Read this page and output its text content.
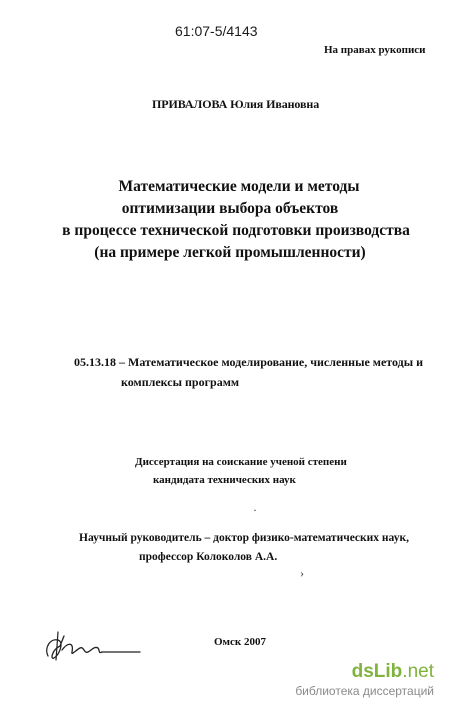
61:07-5/4143
На правах рукописи
ПРИВАЛОВА Юлия Ивановна
Математические модели и методы
оптимизации выбора объектов
в процессе технической подготовки производства
(на примере легкой промышленности)
05.13.18 – Математическое моделирование, численные методы и
комплексы программ
Диссертация на соискание ученой степени
кандидата технических наук
Научный руководитель – доктор физико-математических наук,
профессор Колоколов А.А.
Омск 2007
·
›
dsLib.net
библиотека диссертаций
